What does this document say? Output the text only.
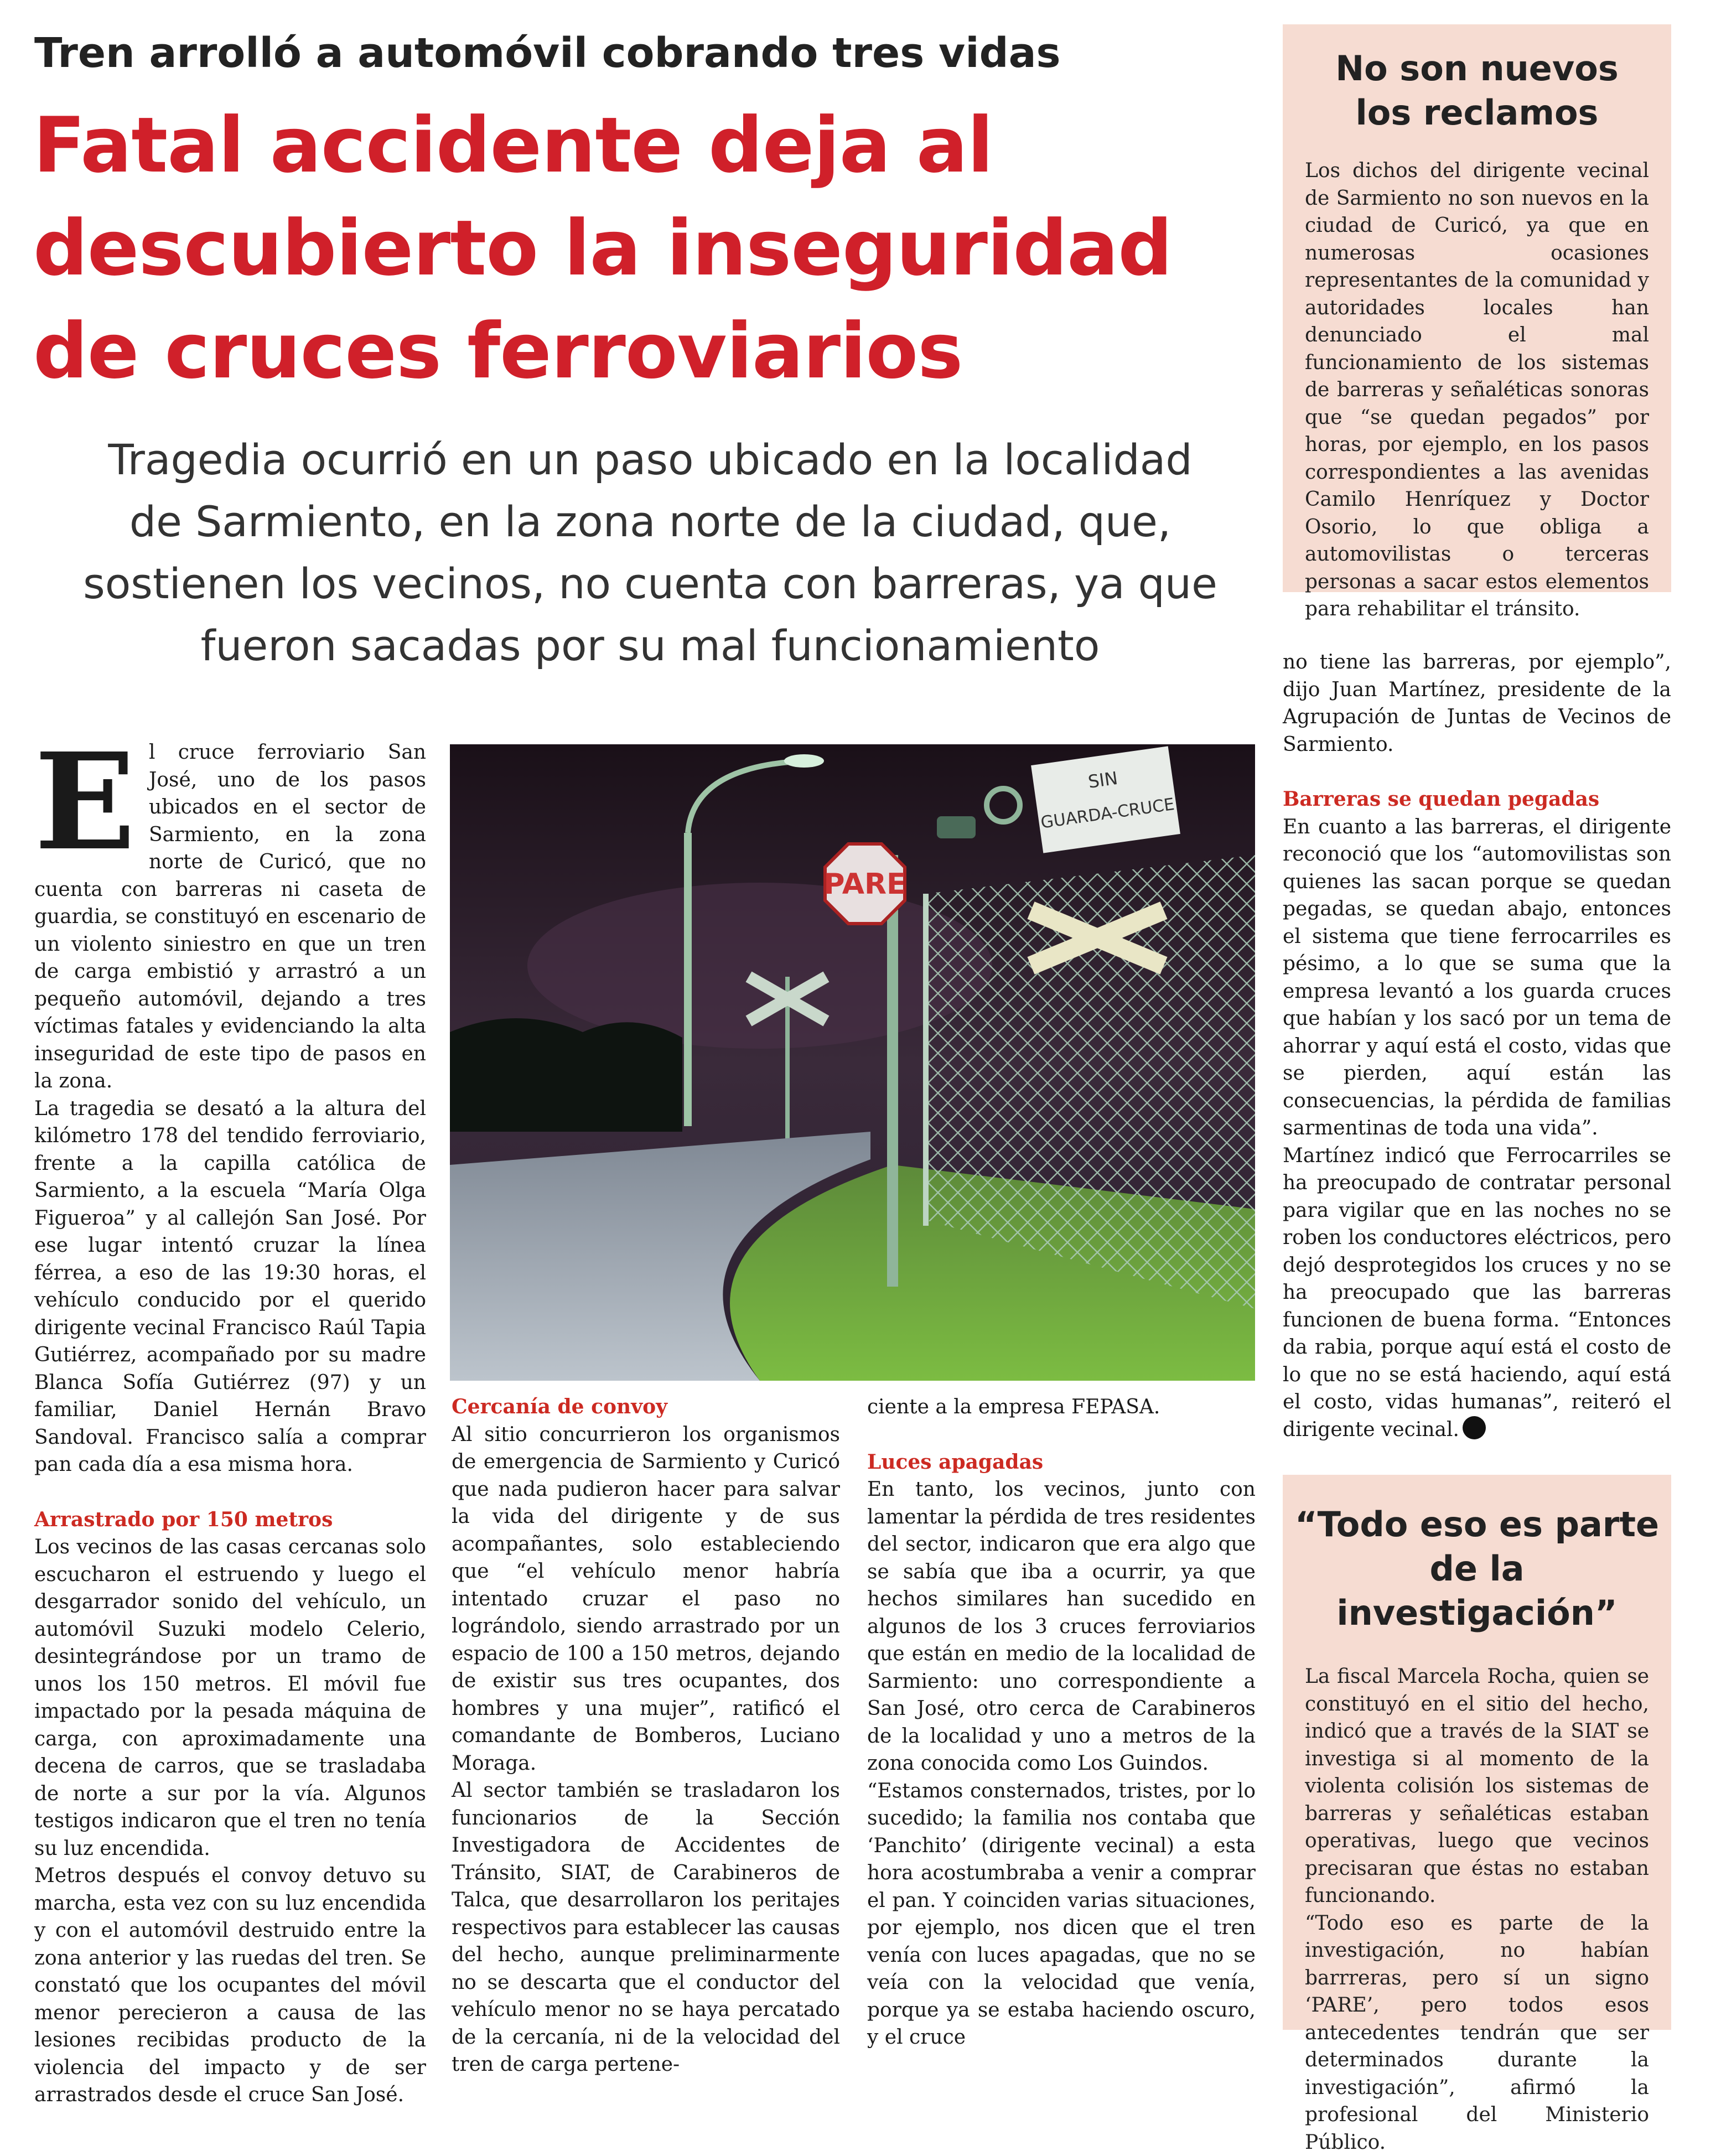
Tren arrolló a automóvil cobrando tres vidas
Fatal accidente deja al
descubierto la inseguridad
de cruces ferroviarios
Tragedia ocurrió en un paso ubicado en la localidad
de Sarmiento, en la zona norte de la ciudad, que,
sostienen los vecinos, no cuenta con barreras, ya que
fueron sacadas por su mal funcionamiento
No son nuevos
los reclamos

Los dichos del dirigente vecinal de Sarmiento no son nuevos en la ciudad de Curicó, ya que en numerosas ocasiones representantes de la comunidad y autoridades locales han denunciado el mal funcionamiento de los sistemas de barreras y señaléticas sonoras que “se quedan pegados” por horas, por ejemplo, en los pasos correspondientes a las avenidas Camilo Henríquez y Doctor Osorio, lo que obliga a automovilistas o terceras personas a sacar estos elementos para rehabilitar el tránsito.

El cruce ferroviario San José, uno de los pasos ubicados en el sector de Sarmiento, en la zona norte de Curicó, que no cuenta con barreras ni caseta de guardia, se constituyó en escenario de un violento siniestro en que un tren de carga embistió y arrastró a un pequeño automóvil, dejando a tres víctimas fatales y evidenciando la alta inseguridad de este tipo de pasos en la zona.

La tragedia se desató a la altura del kilómetro 178 del tendido ferroviario, frente a la capilla católica de Sarmiento, a la escuela “María Olga Figueroa” y al callejón San José. Por ese lugar intentó cruzar la línea férrea, a eso de las 19:30 horas, el vehículo conducido por el querido dirigente vecinal Francisco Raúl Tapia Gutiérrez, acompañado por su madre Blanca Sofía Gutiérrez (97) y un familiar, Daniel Hernán Bravo Sandoval. Francisco salía a comprar pan cada día a esa misma hora.

Arrastrado por 150 metros

Los vecinos de las casas cercanas solo escucharon el estruendo y luego el desgarrador sonido del vehículo, un automóvil Suzuki modelo Celerio, desintegrándose por un tramo de unos los 150 metros. El móvil fue impactado por la pesada máquina de carga, con aproximadamente una decena de carros, que se trasladaba de norte a sur por la vía. Algunos testigos indicaron que el tren no tenía su luz encendida.

Metros después el convoy detuvo su marcha, esta vez con su luz encendida y con el automóvil destruido entre la zona anterior y las ruedas del tren. Se constató que los ocupantes del móvil menor perecieron a causa de las lesiones recibidas producto de la violencia del impacto y de ser arrastrados desde el cruce San José.

PARE
SIN
GUARDA-CRUCE
Cercanía de convoy

Al sitio concurrieron los organismos de emergencia de Sarmiento y Curicó que nada pudieron hacer para salvar la vida del dirigente y de sus acompañantes, solo estableciendo que “el vehículo menor habría intentado cruzar el paso no lográndolo, siendo arrastrado por un espacio de 100 a 150 metros, dejando de existir sus tres ocupantes, dos hombres y una mujer”, ratificó el comandante de Bomberos, Luciano Moraga.

Al sector también se trasladaron los funcionarios de la Sección Investigadora de Accidentes de Tránsito, SIAT, de Carabineros de Talca, que desarrollaron los peritajes respectivos para establecer las causas del hecho, aunque preliminarmente no se descarta que el conductor del vehículo menor no se haya percatado de la cercanía, ni de la velocidad del tren de carga pertene-

ciente a la empresa FEPASA.

Luces apagadas

En tanto, los vecinos, junto con lamentar la pérdida de tres residentes del sector, indicaron que era algo que se sabía que iba a ocurrir, ya que hechos similares han sucedido en algunos de los 3 cruces ferroviarios que están en medio de la localidad de Sarmiento: uno correspondiente a San José, otro cerca de Carabineros de la localidad y uno a metros de la zona conocida como Los Guindos.

“Estamos consternados, tristes, por lo sucedido; la familia nos contaba que ‘Panchito’ (dirigente vecinal) a esta hora acostumbraba a venir a comprar el pan. Y coinciden varias situaciones, por ejemplo, nos dicen que el tren venía con luces apagadas, que no se veía con la velocidad que venía, porque ya se estaba haciendo oscuro, y el cruce

no tiene las barreras, por ejemplo”, dijo Juan Martínez, presidente de la Agrupación de Juntas de Vecinos de Sarmiento.

Barreras se quedan pegadas

En cuanto a las barreras, el dirigente reconoció que los “automovilistas son quienes las sacan porque se quedan pegadas, se quedan abajo, entonces el sistema que tiene ferrocarriles es pésimo, a lo que se suma que la empresa levantó a los guarda cruces que habían y los sacó por un tema de ahorrar y aquí está el costo, vidas que se pierden, aquí están las consecuencias, la pérdida de familias sarmentinas de toda una vida”.

Martínez indicó que Ferrocarriles se ha preocupado de contratar personal para vigilar que en las noches no se roben los conductores eléctricos, pero dejó desprotegidos los cruces y no se ha preocupado que las barreras funcionen de buena forma. “Entonces da rabia, porque aquí está el costo de lo que no se está haciendo, aquí está el costo, vidas humanas”, reiteró el dirigente vecinal.

“Todo eso es parte
de la investigación”

La fiscal Marcela Rocha, quien se constituyó en el sitio del hecho, indicó que a través de la SIAT se investiga si al momento de la violenta colisión los sistemas de barreras y señaléticas estaban operativas, luego que vecinos precisaran que éstas no estaban funcionando.

“Todo eso es parte de la investigación, no habían barrreras, pero sí un signo ‘PARE’, pero todos esos antecedentes tendrán que ser determinados durante la investigación”, afirmó la profesional del Ministerio Público.
